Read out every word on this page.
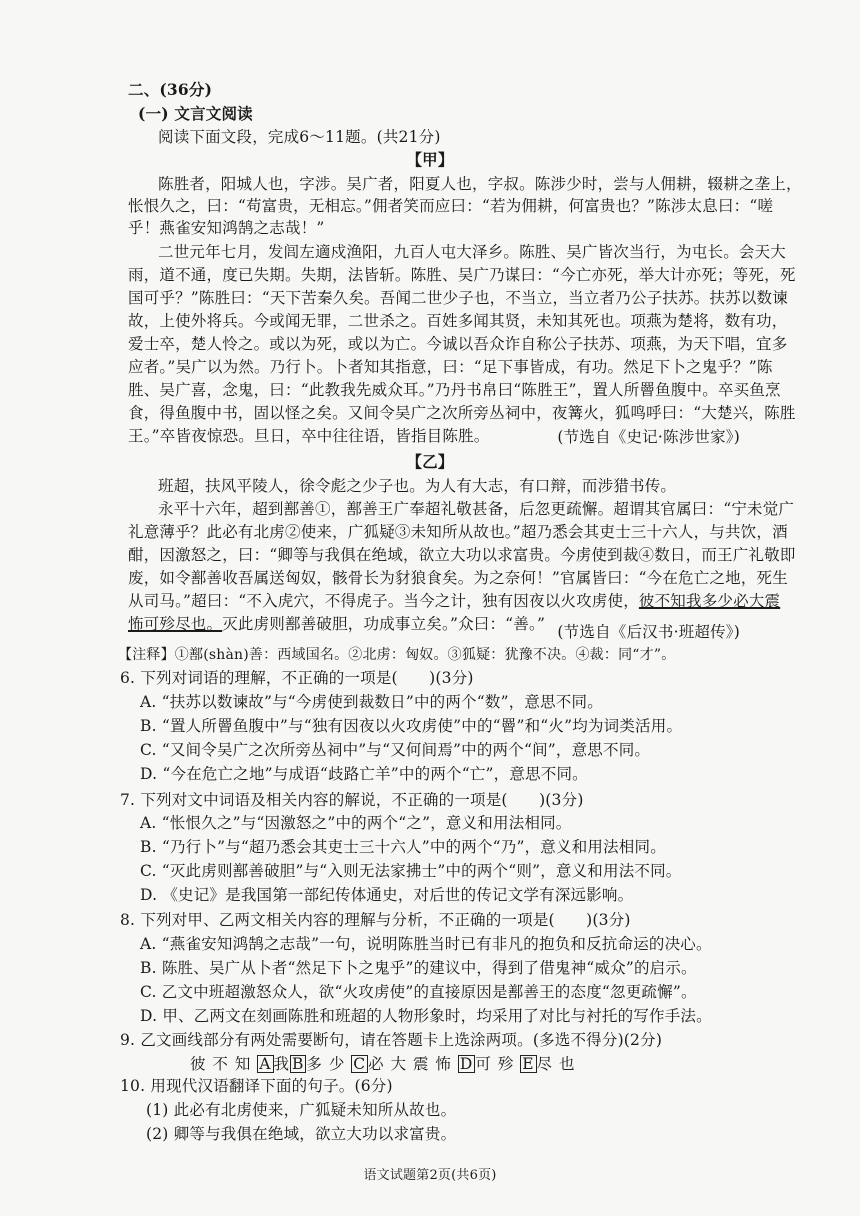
二、(36分)
(一) 文言文阅读
阅读下面文段，完成6～11题。(共21分)
【甲】
陈胜者，阳城人也，字涉。吴广者，阳夏人也，字叔。陈涉少时，尝与人佣耕，辍耕之垄上，
怅恨久之，曰：“苟富贵，无相忘。”佣者笑而应曰：“若为佣耕，何富贵也？”陈涉太息曰：“嗟
乎！燕雀安知鸿鹄之志哉！”
二世元年七月，发闾左適戍渔阳，九百人屯大泽乡。陈胜、吴广皆次当行，为屯长。会天大
雨，道不通，度已失期。失期，法皆斩。陈胜、吴广乃谋曰：“今亡亦死，举大计亦死；等死，死
国可乎？”陈胜曰：“天下苦秦久矣。吾闻二世少子也，不当立，当立者乃公子扶苏。扶苏以数谏
故，上使外将兵。今或闻无罪，二世杀之。百姓多闻其贤，未知其死也。项燕为楚将，数有功，
爱士卒，楚人怜之。或以为死，或以为亡。今诚以吾众诈自称公子扶苏、项燕，为天下唱，宜多
应者。”吴广以为然。乃行卜。卜者知其指意，曰：“足下事皆成，有功。然足下卜之鬼乎？”陈
胜、吴广喜，念鬼，曰：“此教我先威众耳。”乃丹书帛曰“陈胜王”，置人所罾鱼腹中。卒买鱼烹
食，得鱼腹中书，固以怪之矣。又间令吴广之次所旁丛祠中，夜篝火，狐鸣呼曰：“大楚兴，陈胜
王。”卒皆夜惊恐。旦日，卒中往往语，皆指目陈胜。	(节选自《史记·陈涉世家》)
【乙】
班超，扶风平陵人，徐令彪之少子也。为人有大志，有口辩，而涉猎书传。
永平十六年，超到鄯善①，鄯善王广奉超礼敬甚备，后忽更疏懈。超谓其官属曰：“宁未觉广
礼意薄乎？此必有北虏②使来，广狐疑③未知所从故也。”超乃悉会其吏士三十六人，与共饮，酒
酣，因激怒之，曰：“卿等与我俱在绝域，欲立大功以求富贵。今虏使到裁④数日，而王广礼敬即
废，如令鄯善收吾属送匈奴，骸骨长为豺狼食矣。为之奈何！”官属皆曰：“今在危亡之地，死生
从司马。”超曰：“不入虎穴，不得虎子。当今之计，独有因夜以火攻虏使，彼不知我多少必大震
怖可殄尽也。灭此虏则鄯善破胆，功成事立矣。”众曰：“善。” (节选自《后汉书·班超传》)
【注释】①鄯(shàn)善：西域国名。②北虏：匈奴。③狐疑：犹豫不决。④裁：同“才”。
6. 下列对词语的理解，不正确的一项是(　　)(3分)
A. “扶苏以数谏故”与“今虏使到裁数日”中的两个“数”，意思不同。
B. “置人所罾鱼腹中”与“独有因夜以火攻虏使”中的“罾”和“火”均为词类活用。
C. “又间令吴广之次所旁丛祠中”与“又何间焉”中的两个“间”，意思不同。
D. “今在危亡之地”与成语“歧路亡羊”中的两个“亡”，意思不同。
7. 下列对文中词语及相关内容的解说，不正确的一项是(　　)(3分)
A. “怅恨久之”与“因激怒之”中的两个“之”，意义和用法相同。
B. “乃行卜”与“超乃悉会其吏士三十六人”中的两个“乃”，意义和用法相同。
C. “灭此虏则鄯善破胆”与“入则无法家拂士”中的两个“则”，意义和用法不同。
D. 《史记》是我国第一部纪传体通史，对后世的传记文学有深远影响。
8. 下列对甲、乙两文相关内容的理解与分析，不正确的一项是(　　)(3分)
A. “燕雀安知鸿鹄之志哉”一句，说明陈胜当时已有非凡的抱负和反抗命运的决心。
B. 陈胜、吴广从卜者“然足下卜之鬼乎”的建议中，得到了借鬼神“威众”的启示。
C. 乙文中班超激怒众人，欲“火攻虏使”的直接原因是鄯善王的态度“忽更疏懈”。
D. 甲、乙两文在刻画陈胜和班超的人物形象时，均采用了对比与衬托的写作手法。
9. 乙文画线部分有两处需要断句，请在答题卡上选涂两项。(多选不得分)(2分)
彼 不 知 A 我 B 多 少 C 必 大 震 怖 D 可 殄 E 尽 也
10. 用现代汉语翻译下面的句子。(6分)
(1) 此必有北虏使来，广狐疑未知所从故也。
(2) 卿等与我俱在绝域，欲立大功以求富贵。
语文试题第2页(共6页)
